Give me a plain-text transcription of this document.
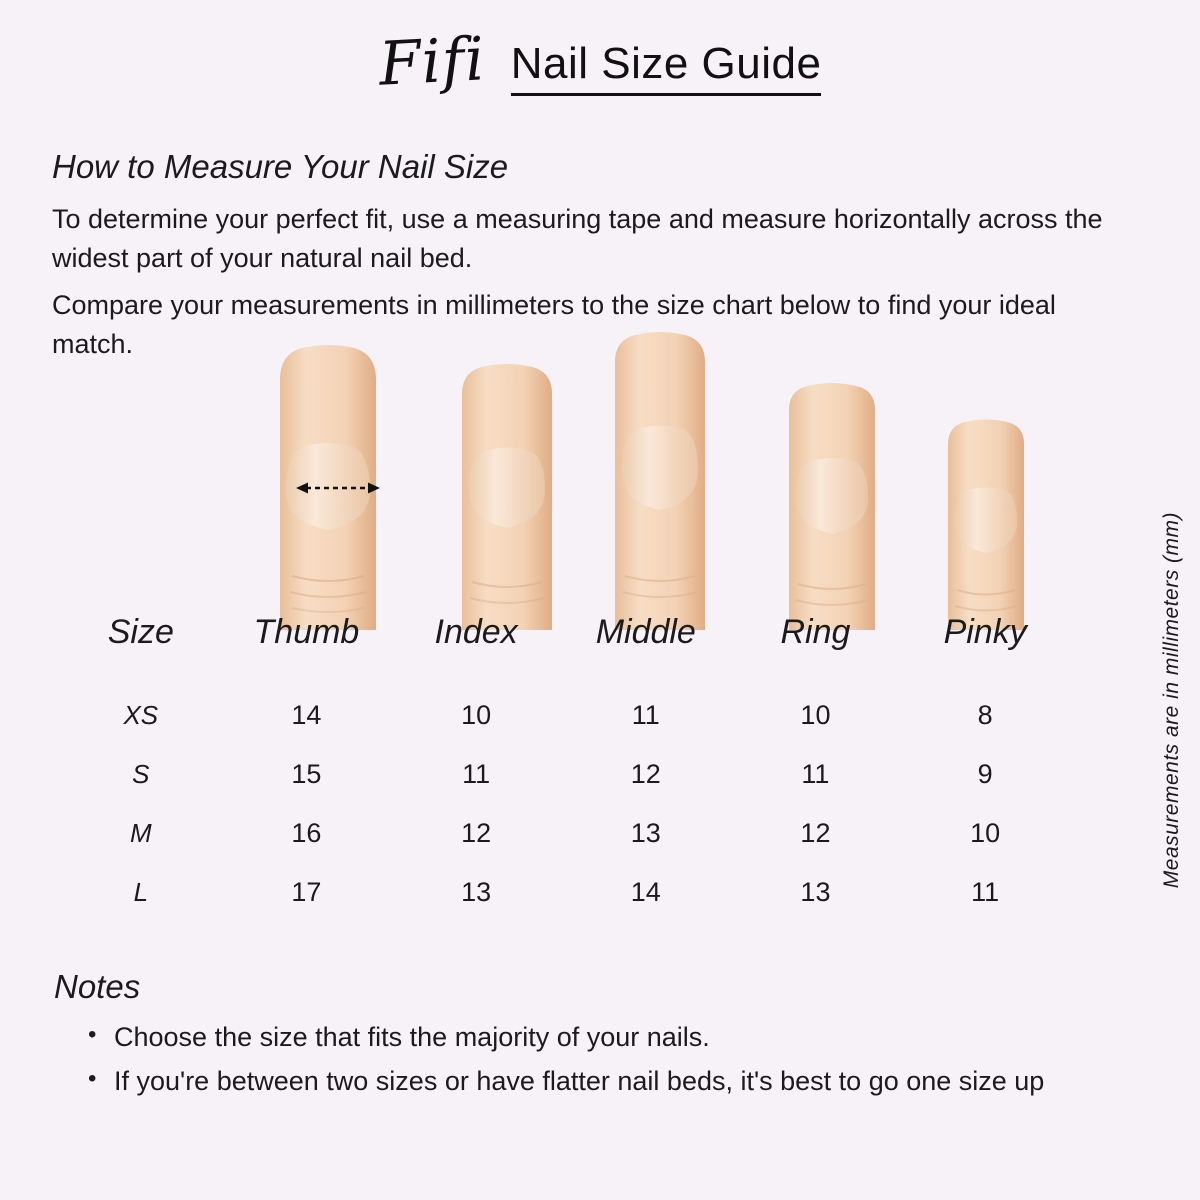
Fifi Nail Size Guide
How to Measure Your Nail Size

To determine your perfect fit, use a measuring tape and measure horizontally across the widest part of your natural nail bed.

Compare your measurements in millimeters to the size chart below to find your ideal match.

Size	Thumb	Index	Middle	Ring	Pinky
XS	14	10	11	10	8
S	15	11	12	11	9
M	16	12	13	12	10
L	17	13	14	13	11
Measurements are in millimeters (mm)
Notes
• Choose the size that fits the majority of your nails.
• If you're between two sizes or have flatter nail beds, it's best to go one size up
